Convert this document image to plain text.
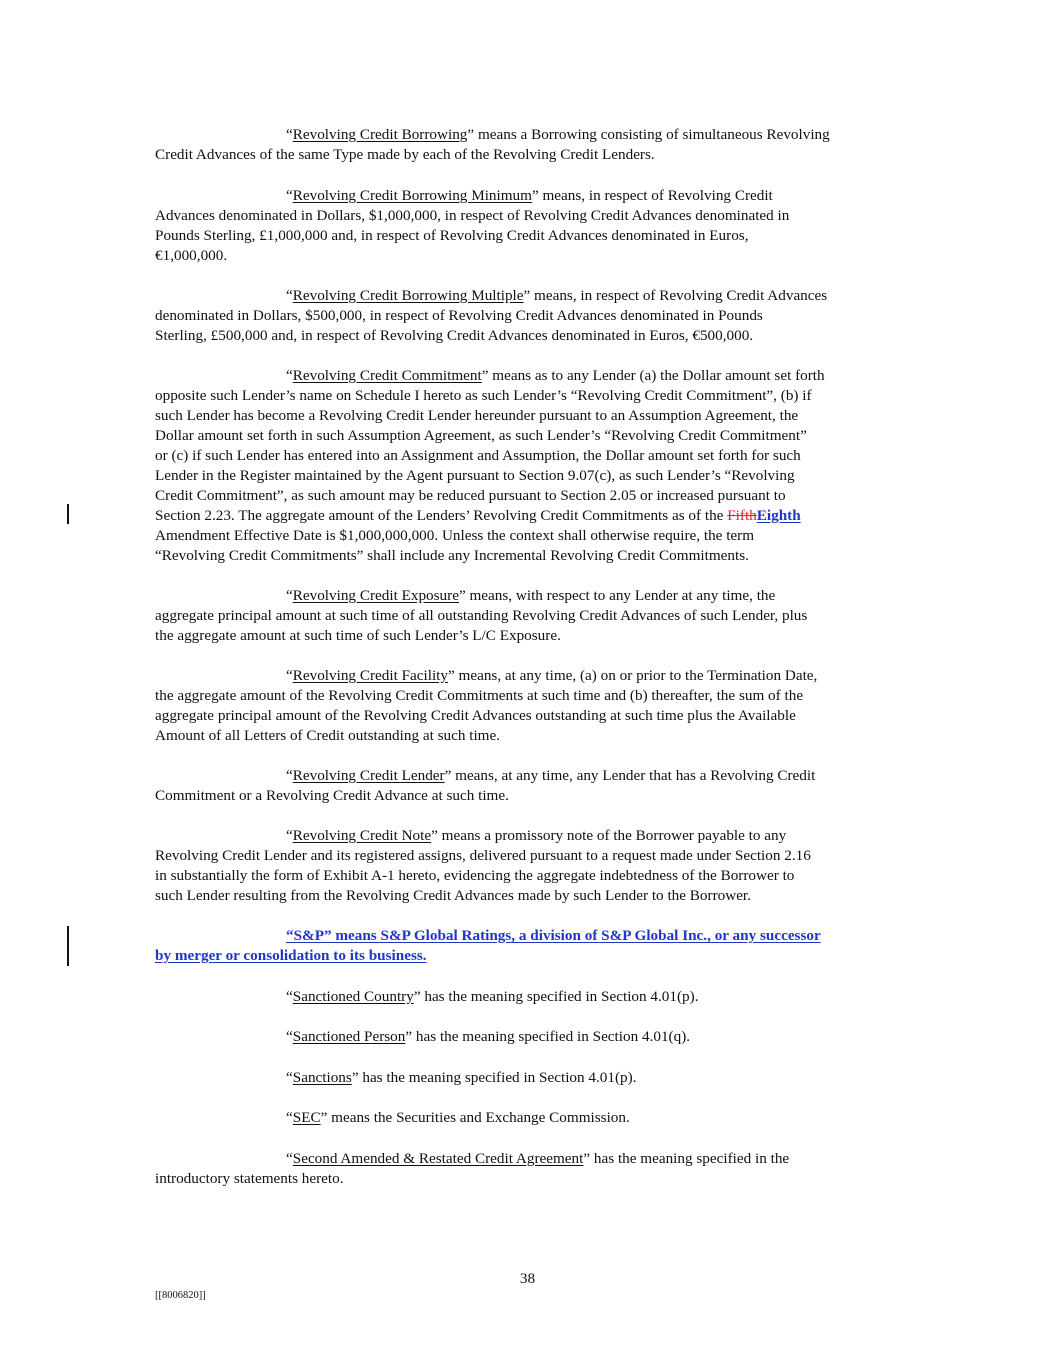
“Revolving Credit Borrowing” means a Borrowing consisting of simultaneous Revolving
Credit Advances of the same Type made by each of the Revolving Credit Lenders.
“Revolving Credit Borrowing Minimum” means, in respect of Revolving Credit
Advances denominated in Dollars, $1,000,000, in respect of Revolving Credit Advances denominated in
Pounds Sterling, £1,000,000 and, in respect of Revolving Credit Advances denominated in Euros,
€1,000,000.
“Revolving Credit Borrowing Multiple” means, in respect of Revolving Credit Advances
denominated in Dollars, $500,000, in respect of Revolving Credit Advances denominated in Pounds
Sterling, £500,000 and, in respect of Revolving Credit Advances denominated in Euros, €500,000.
“Revolving Credit Commitment” means as to any Lender (a) the Dollar amount set forth
opposite such Lender’s name on Schedule I hereto as such Lender’s “Revolving Credit Commitment”, (b) if
such Lender has become a Revolving Credit Lender hereunder pursuant to an Assumption Agreement, the
Dollar amount set forth in such Assumption Agreement, as such Lender’s “Revolving Credit Commitment”
or (c) if such Lender has entered into an Assignment and Assumption, the Dollar amount set forth for such
Lender in the Register maintained by the Agent pursuant to Section 9.07(c), as such Lender’s “Revolving
Credit Commitment”, as such amount may be reduced pursuant to Section 2.05 or increased pursuant to
Section 2.23. The aggregate amount of the Lenders’ Revolving Credit Commitments as of the FifthEighth
Amendment Effective Date is $1,000,000,000. Unless the context shall otherwise require, the term
“Revolving Credit Commitments” shall include any Incremental Revolving Credit Commitments.
“Revolving Credit Exposure” means, with respect to any Lender at any time, the
aggregate principal amount at such time of all outstanding Revolving Credit Advances of such Lender, plus
the aggregate amount at such time of such Lender’s L/C Exposure.
“Revolving Credit Facility” means, at any time, (a) on or prior to the Termination Date,
the aggregate amount of the Revolving Credit Commitments at such time and (b) thereafter, the sum of the
aggregate principal amount of the Revolving Credit Advances outstanding at such time plus the Available
Amount of all Letters of Credit outstanding at such time.
“Revolving Credit Lender” means, at any time, any Lender that has a Revolving Credit
Commitment or a Revolving Credit Advance at such time.
“Revolving Credit Note” means a promissory note of the Borrower payable to any
Revolving Credit Lender and its registered assigns, delivered pursuant to a request made under Section 2.16
in substantially the form of Exhibit A-1 hereto, evidencing the aggregate indebtedness of the Borrower to
such Lender resulting from the Revolving Credit Advances made by such Lender to the Borrower.
“S&P” means S&P Global Ratings, a division of S&P Global Inc., or any successor
by merger or consolidation to its business.
“Sanctioned Country” has the meaning specified in Section 4.01(p).
“Sanctioned Person” has the meaning specified in Section 4.01(q).
“Sanctions” has the meaning specified in Section 4.01(p).
“SEC” means the Securities and Exchange Commission.
“Second Amended & Restated Credit Agreement” has the meaning specified in the
introductory statements hereto.
38
[[8006820]]
